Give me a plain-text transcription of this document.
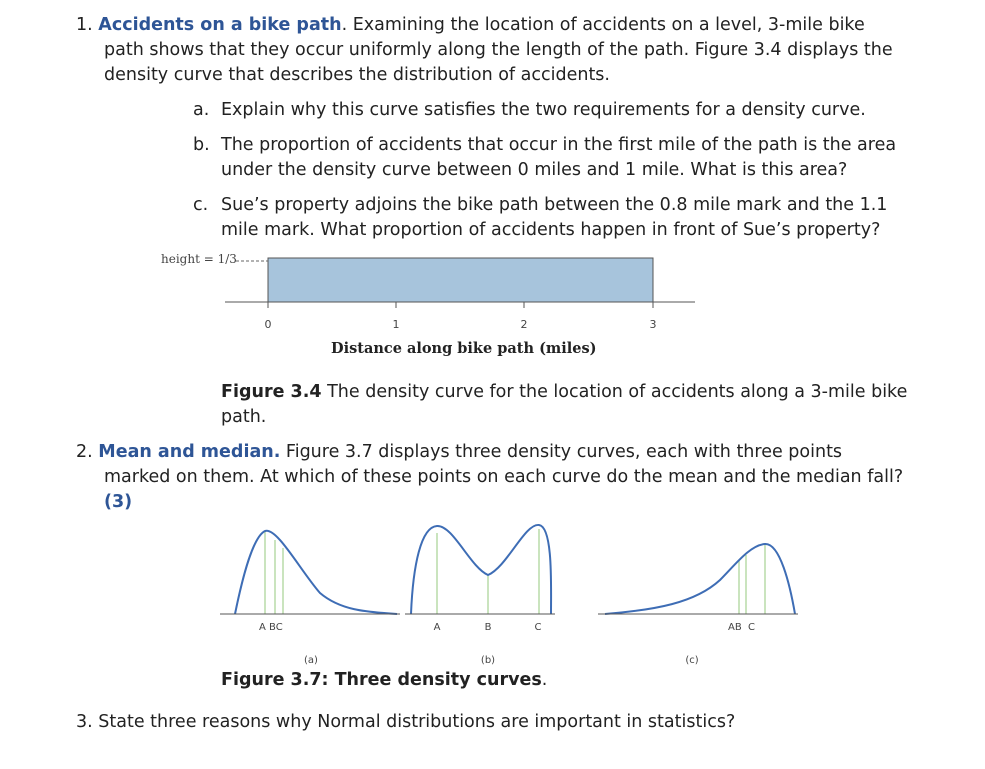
1. Accidents on a bike path. Examining the location of accidents on a level, 3-mile bike
path shows that they occur uniformly along the length of the path. Figure 3.4 displays the
density curve that describes the distribution of accidents.
a. Explain why this curve satisfies the two requirements for a density curve.
b. The proportion of accidents that occur in the first mile of the path is the area
under the density curve between 0 miles and 1 mile. What is this area?
c. Sue’s property adjoins the bike path between the 0.8 mile mark and the 1.1
mile mark. What proportion of accidents happen in front of Sue’s property?
0	1	2	3
height = 1/3
Distance along bike path (miles)
Figure 3.4 The density curve for the location of accidents along a 3-mile bike
path.
2. Mean and median. Figure 3.7 displays three density curves, each with three points
marked on them. At which of these points on each curve do the mean and the median fall?
(3)
A BC
(a)
A	B	C
(b)
AB  C
(c)
Figure 3.7: Three density curves.
3. State three reasons why Normal distributions are important in statistics?
